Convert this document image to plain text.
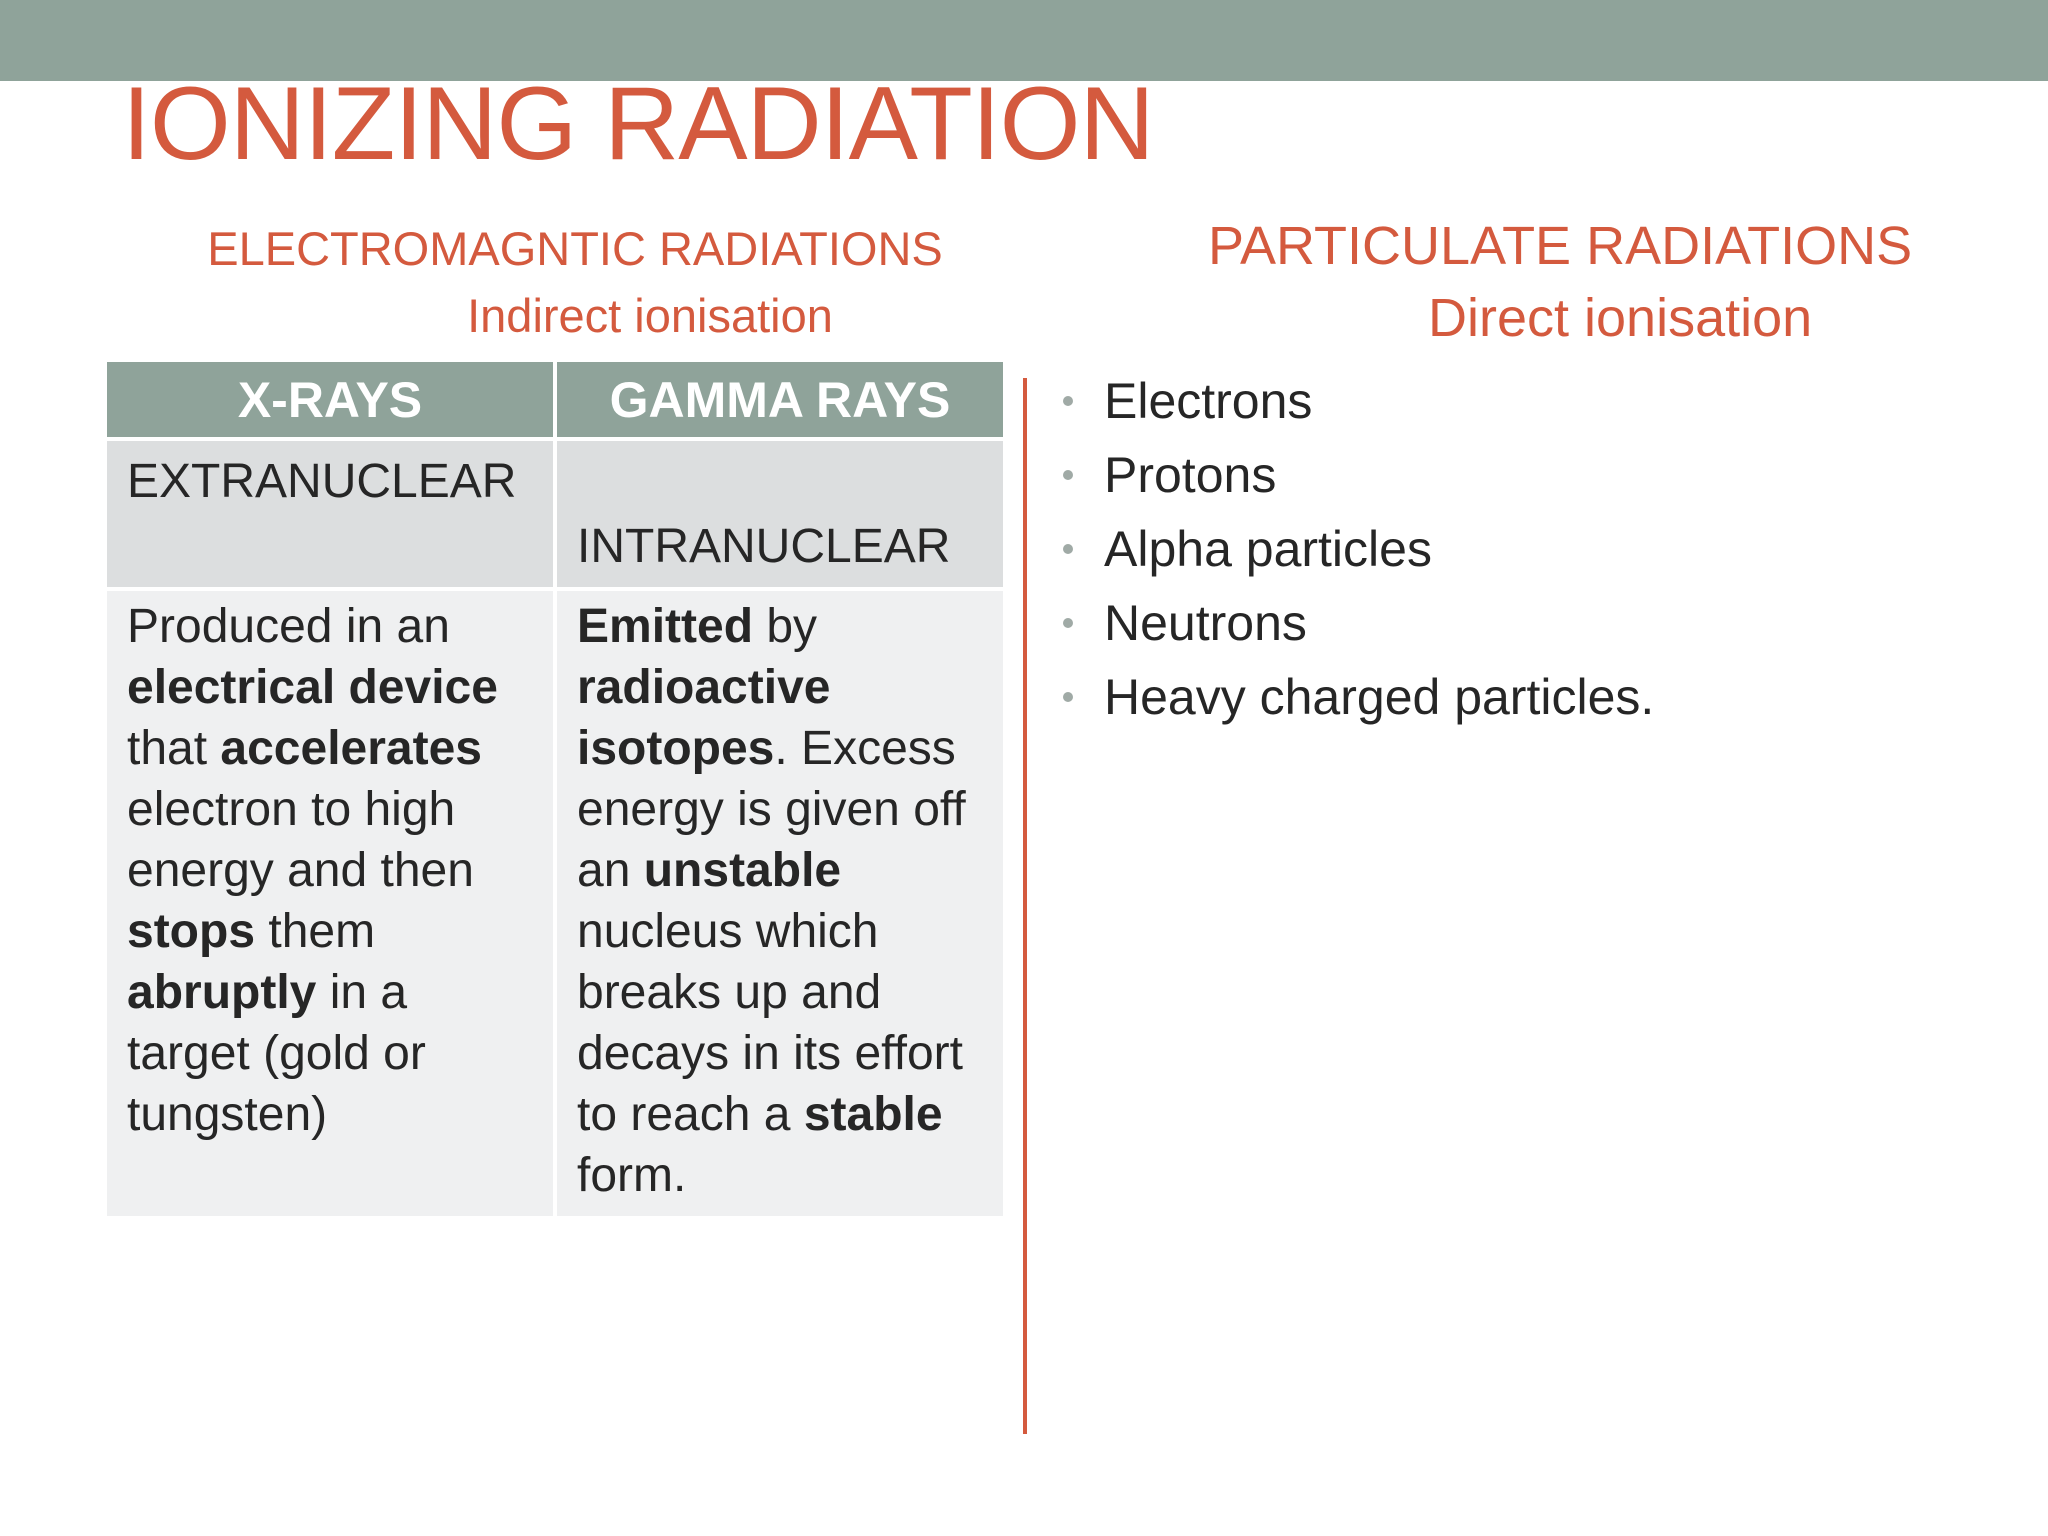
IONIZING RADIATION
ELECTROMAGNTIC RADIATIONS
Indirect ionisation
PARTICULATE RADIATIONS
Direct ionisation
X-RAYS	GAMMA RAYS
EXTRANUCLEAR	INTRANUCLEAR
Produced in an electrical device that accelerates electron to high energy and then stops them abruptly in a target (gold or tungsten)	Emitted by radioactive isotopes. Excess energy is given off an unstable nucleus which breaks up and decays in its effort to reach a stable form.
Electrons
Protons
Alpha particles
Neutrons
Heavy charged particles.
